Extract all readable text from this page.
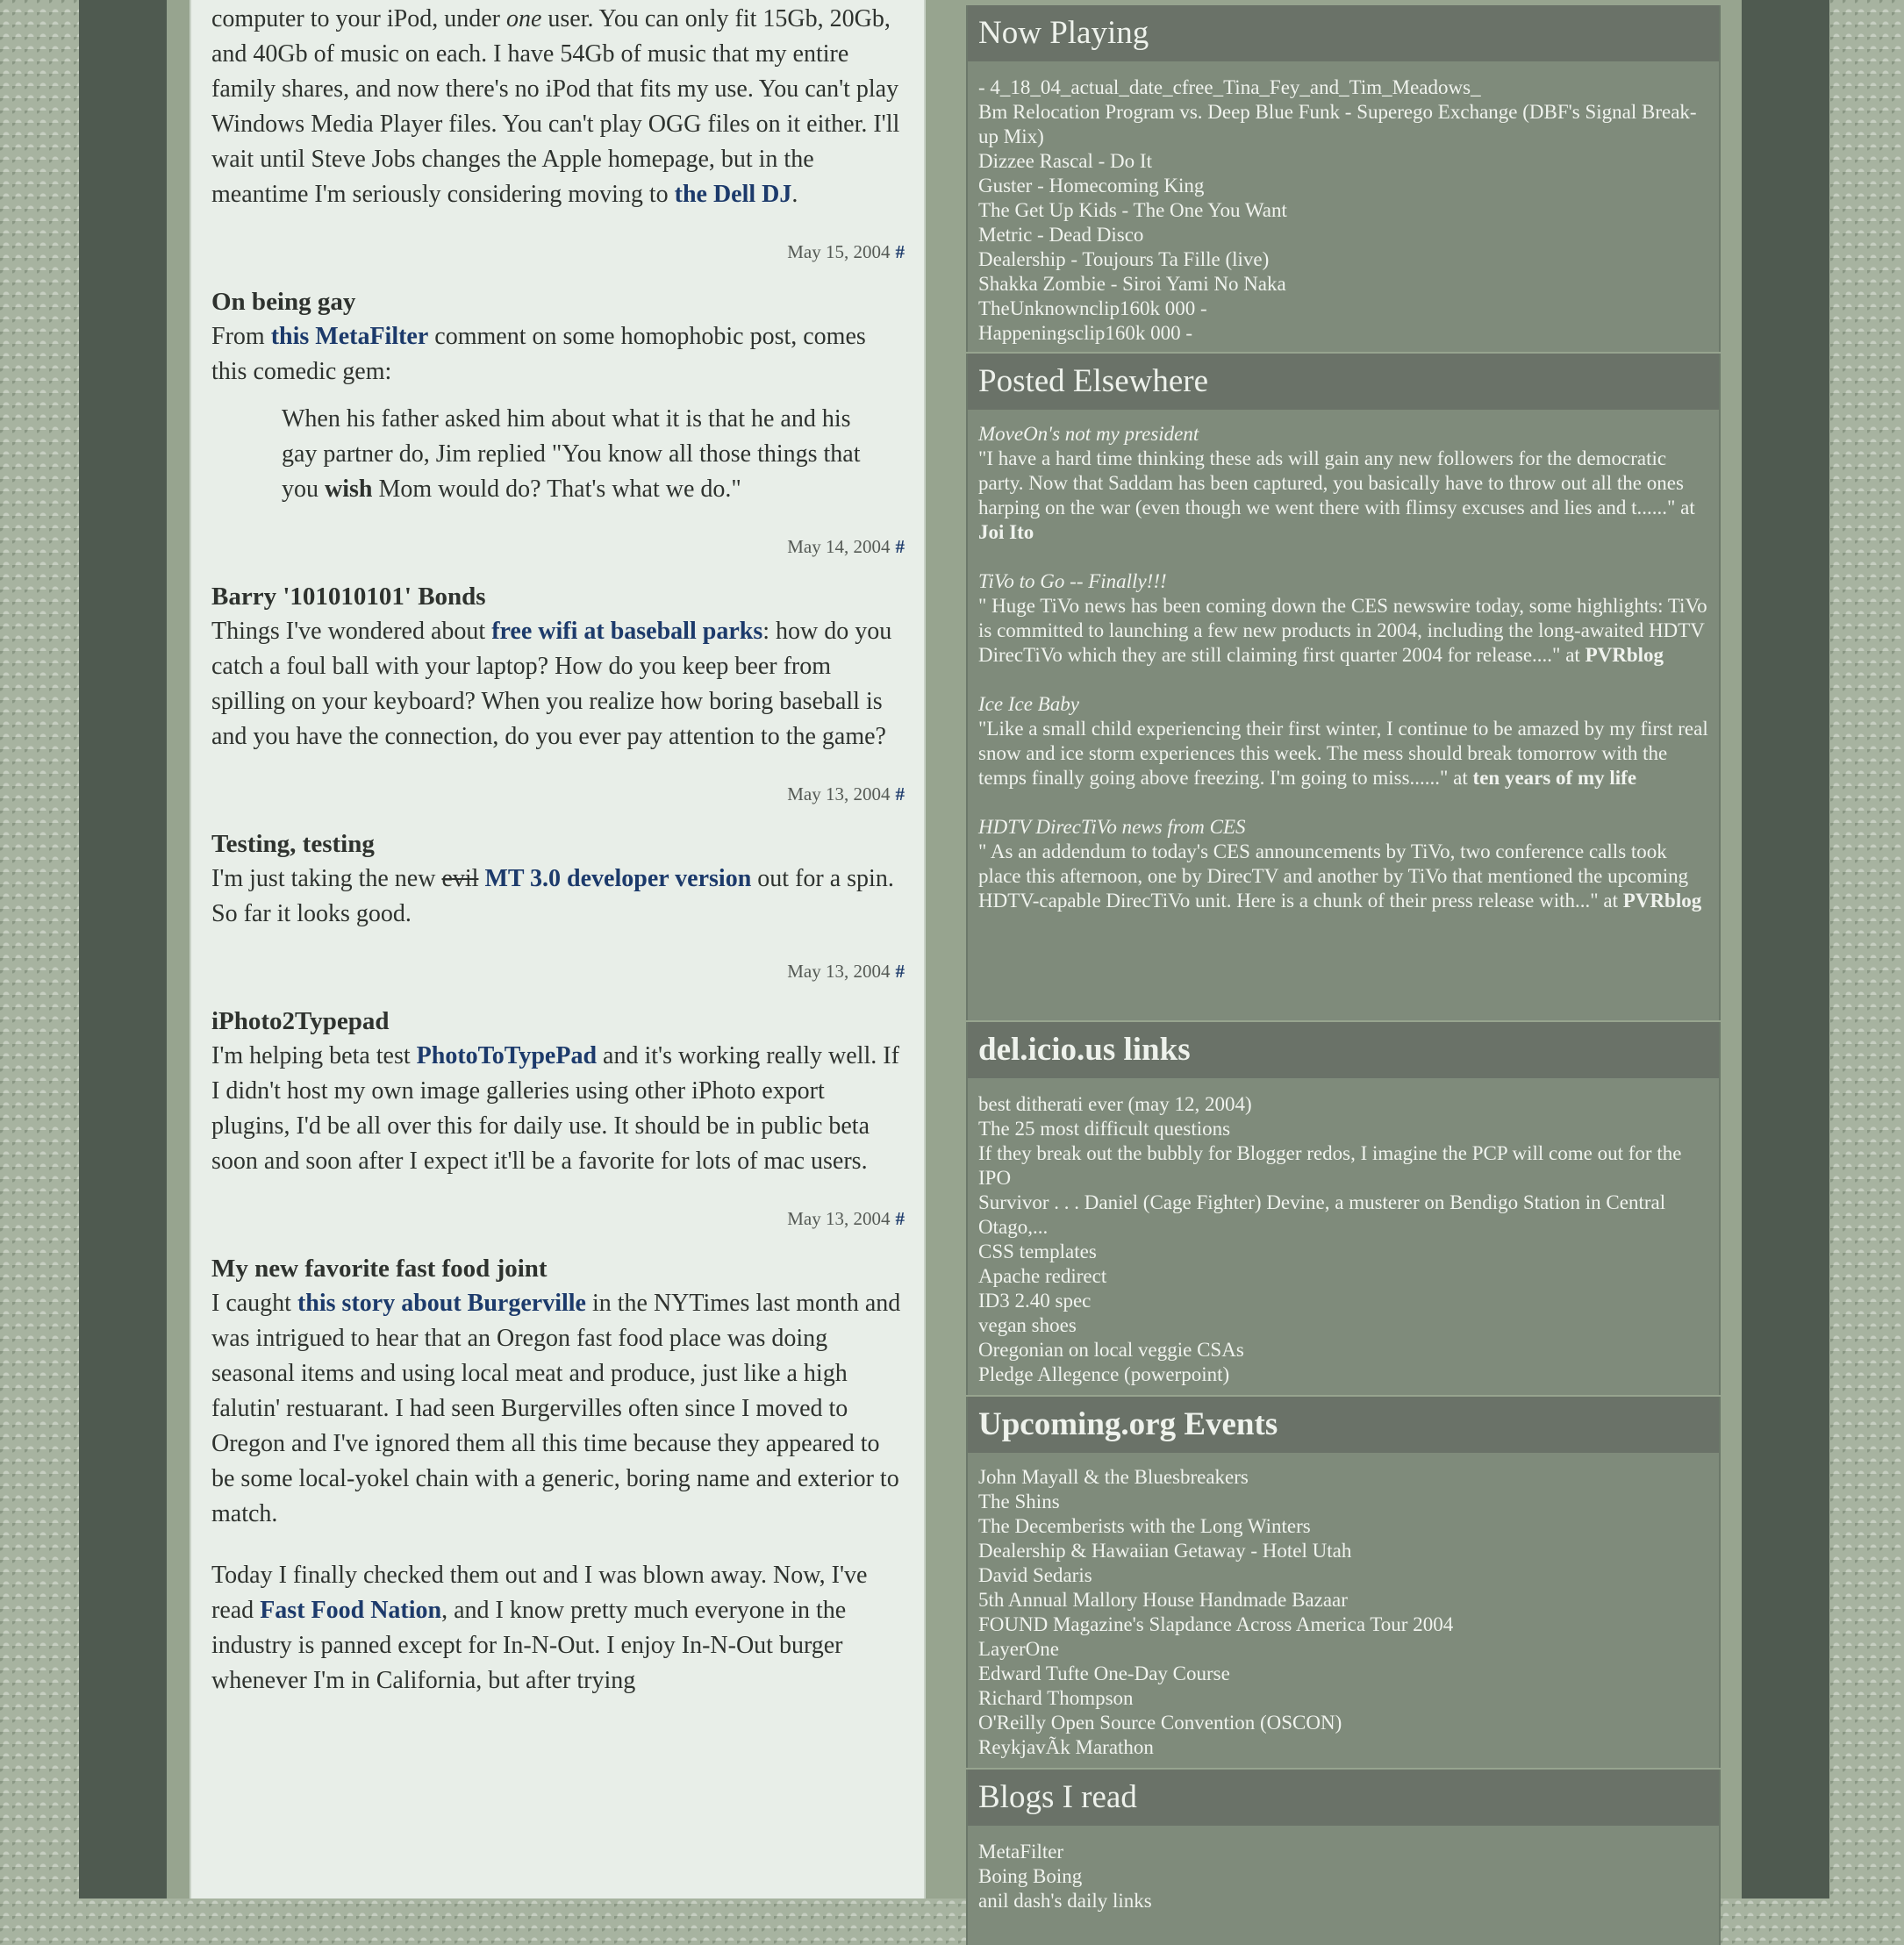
computer to your iPod, under one user. You can only fit 15Gb, 20Gb, and 40Gb of music on each. I have 54Gb of music that my entire family shares, and now there's no iPod that fits my use. You can't play Windows Media Player files. You can't play OGG files on it either. I'll wait until Steve Jobs changes the Apple homepage, but in the meantime I'm seriously considering moving to the Dell DJ.

May 15, 2004 #
On being gay

From this MetaFilter comment on some homophobic post, comes this comedic gem:

When his father asked him about what it is that he and his gay partner do, Jim replied "You know all those things that you wish Mom would do? That's what we do."
May 14, 2004 #
Barry '101010101' Bonds

Things I've wondered about free wifi at baseball parks: how do you catch a foul ball with your laptop? How do you keep beer from spilling on your keyboard? When you realize how boring baseball is and you have the connection, do you ever pay attention to the game?

May 13, 2004 #
Testing, testing

I'm just taking the new evil MT 3.0 developer version out for a spin. So far it looks good.

May 13, 2004 #
iPhoto2Typepad

I'm helping beta test PhotoToTypePad and it's working really well. If I didn't host my own image galleries using other iPhoto export plugins, I'd be all over this for daily use. It should be in public beta soon and soon after I expect it'll be a favorite for lots of mac users.

May 13, 2004 #
My new favorite fast food joint

I caught this story about Burgerville in the NYTimes last month and was intrigued to hear that an Oregon fast food place was doing seasonal items and using local meat and produce, just like a high falutin' restuarant. I had seen Burgervilles often since I moved to Oregon and I've ignored them all this time because they appeared to be some local-yokel chain with a generic, boring name and exterior to match.

Today I finally checked them out and I was blown away. Now, I've read Fast Food Nation, and I know pretty much everyone in the industry is panned except for In-N-Out. I enjoy In-N-Out burger whenever I'm in California, but after trying

Now Playing
- 4_18_04_actual_date_cfree_Tina_Fey_and_Tim_Meadows_
Bm Relocation Program vs. Deep Blue Funk - Superego Exchange (DBF's Signal Break-up Mix)
Dizzee Rascal - Do It
Guster - Homecoming King
The Get Up Kids - The One You Want
Metric - Dead Disco
Dealership - Toujours Ta Fille (live)
Shakka Zombie - Siroi Yami No Naka
TheUnknownclip160k 000 -
Happeningsclip160k 000 -
Posted Elsewhere
MoveOn's not my president
"I have a hard time thinking these ads will gain any new followers for the democratic party. Now that Saddam has been captured, you basically have to throw out all the ones harping on the war (even though we went there with flimsy excuses and lies and t......" at Joi Ito
TiVo to Go -- Finally!!!
" Huge TiVo news has been coming down the CES newswire today, some highlights: TiVo is committed to launching a few new products in 2004, including the long-awaited HDTV DirecTiVo which they are still claiming first quarter 2004 for release...." at PVRblog
Ice Ice Baby
"Like a small child experiencing their first winter, I continue to be amazed by my first real snow and ice storm experiences this week. The mess should break tomorrow with the temps finally going above freezing. I'm going to miss......" at ten years of my life
HDTV DirecTiVo news from CES
" As an addendum to today's CES announcements by TiVo, two conference calls took place this afternoon, one by DirecTV and another by TiVo that mentioned the upcoming HDTV-capable DirecTiVo unit. Here is a chunk of their press release with..." at PVRblog
del.icio.us links
best ditherati ever (may 12, 2004)
The 25 most difficult questions
If they break out the bubbly for Blogger redos, I imagine the PCP will come out for the IPO
Survivor . . . Daniel (Cage Fighter) Devine, a musterer on Bendigo Station in Central Otago,...
CSS templates
Apache redirect
ID3 2.40 spec
vegan shoes
Oregonian on local veggie CSAs
Pledge Allegence (powerpoint)
Upcoming.org Events
John Mayall & the Bluesbreakers
The Shins
The Decemberists with the Long Winters
Dealership & Hawaiian Getaway - Hotel Utah
David Sedaris
5th Annual Mallory House Handmade Bazaar
FOUND Magazine's Slapdance Across America Tour 2004
LayerOne
Edward Tufte One-Day Course
Richard Thompson
O'Reilly Open Source Convention (OSCON)
ReykjavÃk Marathon
Blogs I read
MetaFilter
Boing Boing
anil dash's daily links
